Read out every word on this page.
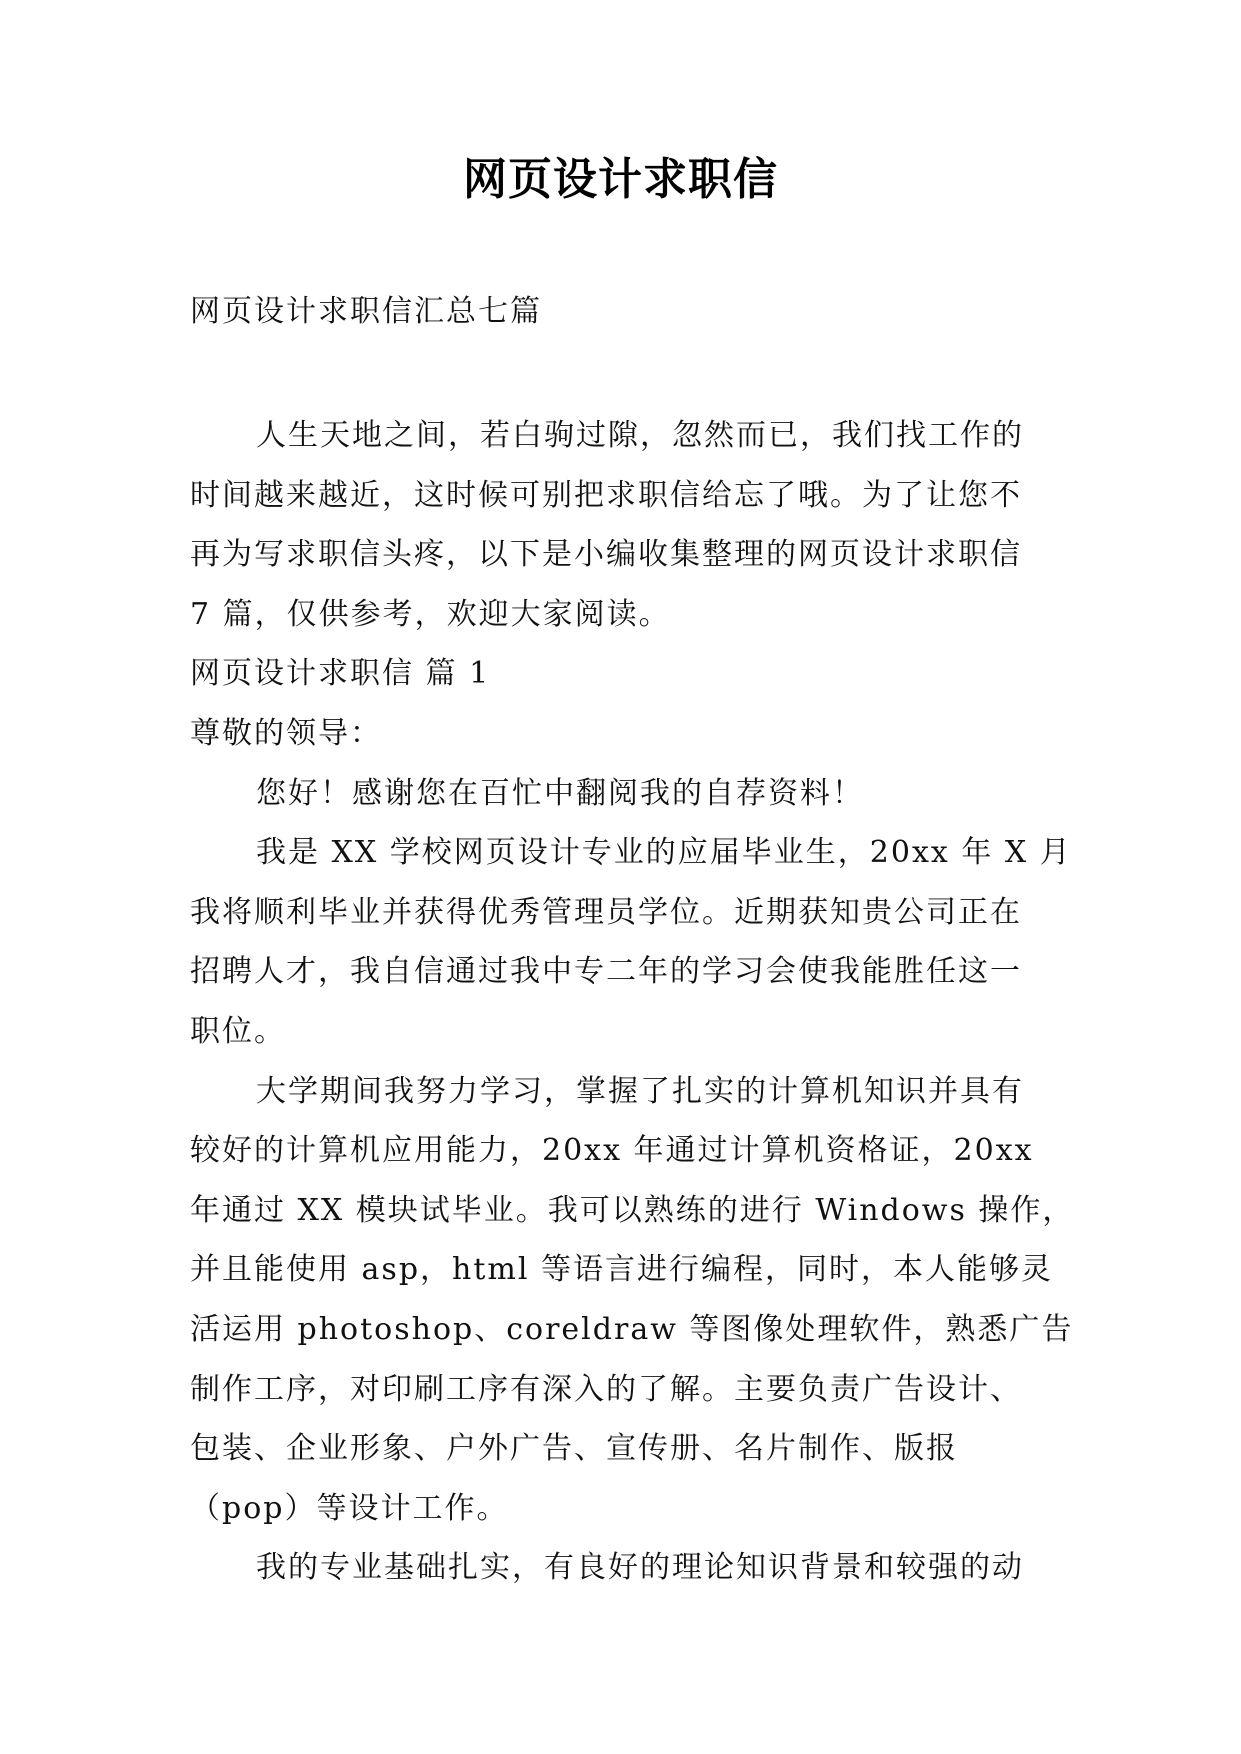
网页设计求职信
网页设计求职信汇总七篇
人生天地之间，若白驹过隙，忽然而已，我们找工作的
时间越来越近，这时候可别把求职信给忘了哦。为了让您不
再为写求职信头疼，以下是小编收集整理的网页设计求职信
7 篇，仅供参考，欢迎大家阅读。
网页设计求职信 篇 1
尊敬的领导：
您好！感谢您在百忙中翻阅我的自荐资料！
我是 XX 学校网页设计专业的应届毕业生，20xx 年 X 月
我将顺利毕业并获得优秀管理员学位。近期获知贵公司正在
招聘人才，我自信通过我中专二年的学习会使我能胜任这一
职位。
大学期间我努力学习，掌握了扎实的计算机知识并具有
较好的计算机应用能力，20xx 年通过计算机资格证，20xx
年通过 XX 模块试毕业。我可以熟练的进行 Windows 操作，
并且能使用 asp，html 等语言进行编程，同时，本人能够灵
活运用 photoshop、coreldraw 等图像处理软件，熟悉广告
制作工序，对印刷工序有深入的了解。主要负责广告设计、
包装、企业形象、户外广告、宣传册、名片制作、版报
（pop）等设计工作。
我的专业基础扎实，有良好的理论知识背景和较强的动
